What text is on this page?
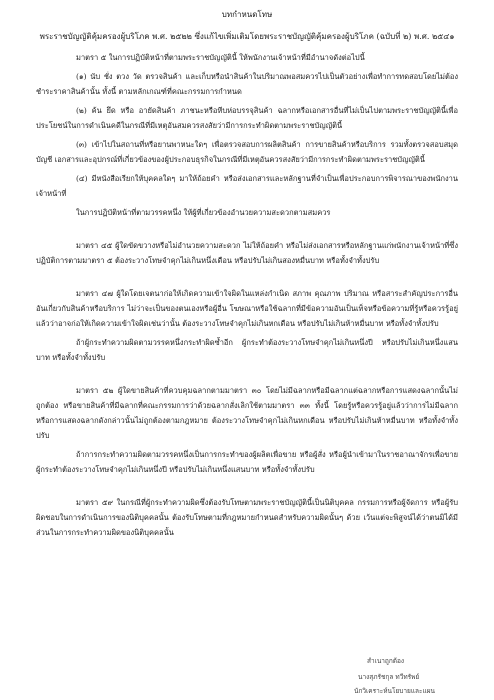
บทกำหนดโทษ
พระราชบัญญัติคุ้มครองผู้บริโภค พ.ศ. ๒๕๒๒ ซึ่งแก้ไขเพิ่มเติมโดยพระราชบัญญัติคุ้มครองผู้บริโภค (ฉบับที่ ๒) พ.ศ. ๒๕๔๑

มาตรา ๕ ในการปฏิบัติหน้าที่ตามพระราชบัญญัตินี้ ให้พนักงานเจ้าหน้าที่มีอำนาจดังต่อไปนี้

(๑) นับ ชั่ง ตวง วัด ตรวจสินค้า และเก็บหรือนำสินค้าในปริมาณพอสมควรไปเป็นตัวอย่างเพื่อทำการทดสอบโดยไม่ต้องชำระราคาสินค้านั้น ทั้งนี้ ตามหลักเกณฑ์ที่คณะกรรมการกำหนด

(๒) ค้น ยึด หรือ อายัดสินค้า ภาชนะหรือหีบห่อบรรจุสินค้า ฉลากหรือเอกสารอื่นที่ไม่เป็นไปตามพระราชบัญญัตินี้เพื่อประโยชน์ในการดำเนินคดีในกรณีที่มีเหตุอันสมควรสงสัยว่ามีการกระทำผิดตามพระราชบัญญัตินี้

(๓) เข้าไปในสถานที่หรือยานพาหนะใดๆ เพื่อตรวจสอบการผลิตสินค้า การขายสินค้าหรือบริการ รวมทั้งตรวจสอบสมุดบัญชี เอกสารและอุปกรณ์ที่เกี่ยวข้องของผู้ประกอบธุรกิจในกรณีที่มีเหตุอันควรสงสัยว่ามีการกระทำผิดตามพระราชบัญญัตินี้

(๔) มีหนังสือเรียกให้บุคคลใดๆ มาให้ถ้อยคำ หรือส่งเอกสารและหลักฐานที่จำเป็นเพื่อประกอบการพิจารณาของพนักงานเจ้าหน้าที่

ในการปฏิบัติหน้าที่ตามวรรคหนึ่ง ให้ผู้ที่เกี่ยวข้องอำนวยความสะดวกตามสมควร

มาตรา ๔๕ ผู้ใดขัดขวางหรือไม่อำนวยความสะดวก ไม่ให้ถ้อยคำ หรือไม่ส่งเอกสารหรือหลักฐานแก่พนักงานเจ้าหน้าที่ซึ่งปฏิบัติการตามมาตรา ๕ ต้องระวางโทษจำคุกไม่เกินหนึ่งเดือน หรือปรับไม่เกินสองหมื่นบาท หรือทั้งจำทั้งปรับ

มาตรา ๔๗ ผู้ใดโดยเจตนาก่อให้เกิดความเข้าใจผิดในแหล่งกำเนิด สภาพ คุณภาพ ปริมาณ หรือสาระสำคัญประการอื่นอันเกี่ยวกับสินค้าหรือบริการ ไม่ว่าจะเป็นของตนเองหรือผู้อื่น โฆษณาหรือใช้ฉลากที่มีข้อความอันเป็นเท็จหรือข้อความที่รู้หรือควรรู้อยู่แล้วว่าอาจก่อให้เกิดความเข้าใจผิดเช่นว่านั้น ต้องระวางโทษจำคุกไม่เกินหกเดือน หรือปรับไม่เกินห้าหมื่นบาท หรือทั้งจำทั้งปรับ

ถ้าผู้กระทำความผิดตามวรรคหนึ่งกระทำผิดซ้ำอีก ผู้กระทำต้องระวางโทษจำคุกไม่เกินหนึ่งปี หรือปรับไม่เกินหนึ่งแสนบาท หรือทั้งจำทั้งปรับ

มาตรา ๕๒ ผู้ใดขายสินค้าที่ควบคุมฉลากตามมาตรา ๓๐ โดยไม่มีฉลากหรือมีฉลากแต่ฉลากหรือการแสดงฉลากนั้นไม่ถูกต้อง หรือขายสินค้าที่มีฉลากที่คณะกรรมการว่าด้วยฉลากสั่งเลิกใช้ตามมาตรา ๓๓ ทั้งนี้ โดยรู้หรือควรรู้อยู่แล้วว่าการไม่มีฉลากหรือการแสดงฉลากดังกล่าวนั้นไม่ถูกต้องตามกฎหมาย ต้องระวางโทษจำคุกไม่เกินหกเดือน หรือปรับไม่เกินห้าหมื่นบาท หรือทั้งจำทั้งปรับ

ถ้าการกระทำความผิดตามวรรคหนึ่งเป็นการกระทำของผู้ผลิตเพื่อขาย หรือผู้สั่ง หรือผู้นำเข้ามาในราชอาณาจักรเพื่อขาย ผู้กระทำต้องระวางโทษจำคุกไม่เกินหนึ่งปี หรือปรับไม่เกินหนึ่งแสนบาท หรือทั้งจำทั้งปรับ

มาตรา ๕๙ ในกรณีที่ผู้กระทำความผิดซึ่งต้องรับโทษตามพระราชบัญญัตินี้เป็นนิติบุคคล กรรมการหรือผู้จัดการ หรือผู้รับผิดชอบในการดำเนินการของนิติบุคคลนั้น ต้องรับโทษตามที่กฎหมายกำหนดสำหรับความผิดนั้นๆ ด้วย เว้นแต่จะพิสูจน์ได้ว่าตนมิได้มีส่วนในการกระทำความผิดของนิติบุคคลนั้น

สำเนาถูกต้อง
นางสุภรัชกุล ทวีทรัพย์
นักวิเคราะห์นโยบายและแผน
